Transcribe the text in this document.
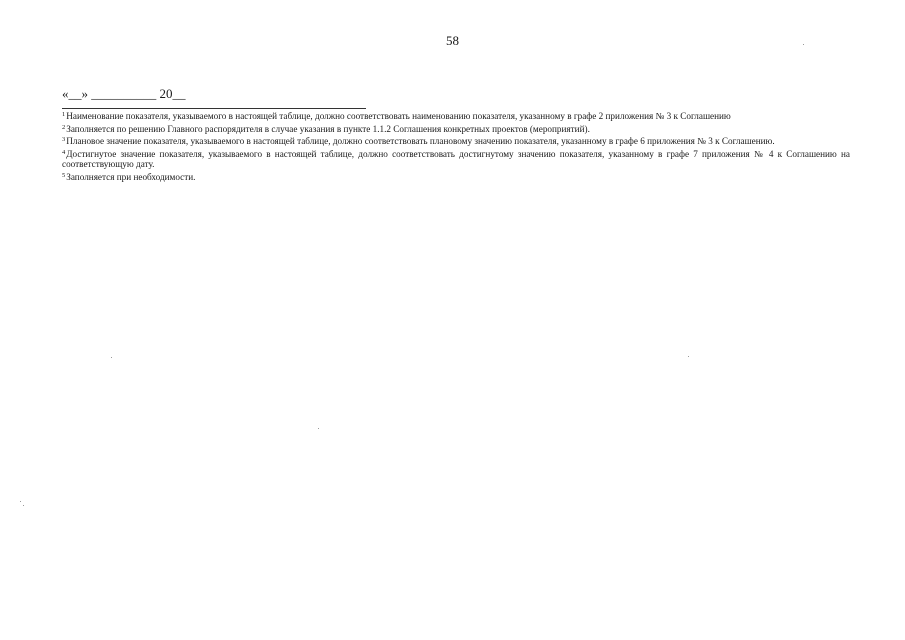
58
«__» __________ 20__

$^1$Наименование показателя, указываемого в настоящей таблице, должно соответствовать наименованию показателя, указанному в графе 2 приложения № 3 к Соглашению

$^2$Заполняется по решению Главного распорядителя в случае указания в пункте 1.1.2 Соглашения конкретных проектов (мероприятий).

$^3$Плановое значение показателя, указываемого в настоящей таблице, должно соответствовать плановому значению показателя, указанному в графе 6 приложения № 3 к Соглашению.

$^4$Достигнутое значение показателя, указываемого в настоящей таблице, должно соответствовать достигнутому значению показателя, указанному в графе 7 приложения № 4 к Соглашению на соответствующую дату.

$^5$Заполняется при необходимости.
